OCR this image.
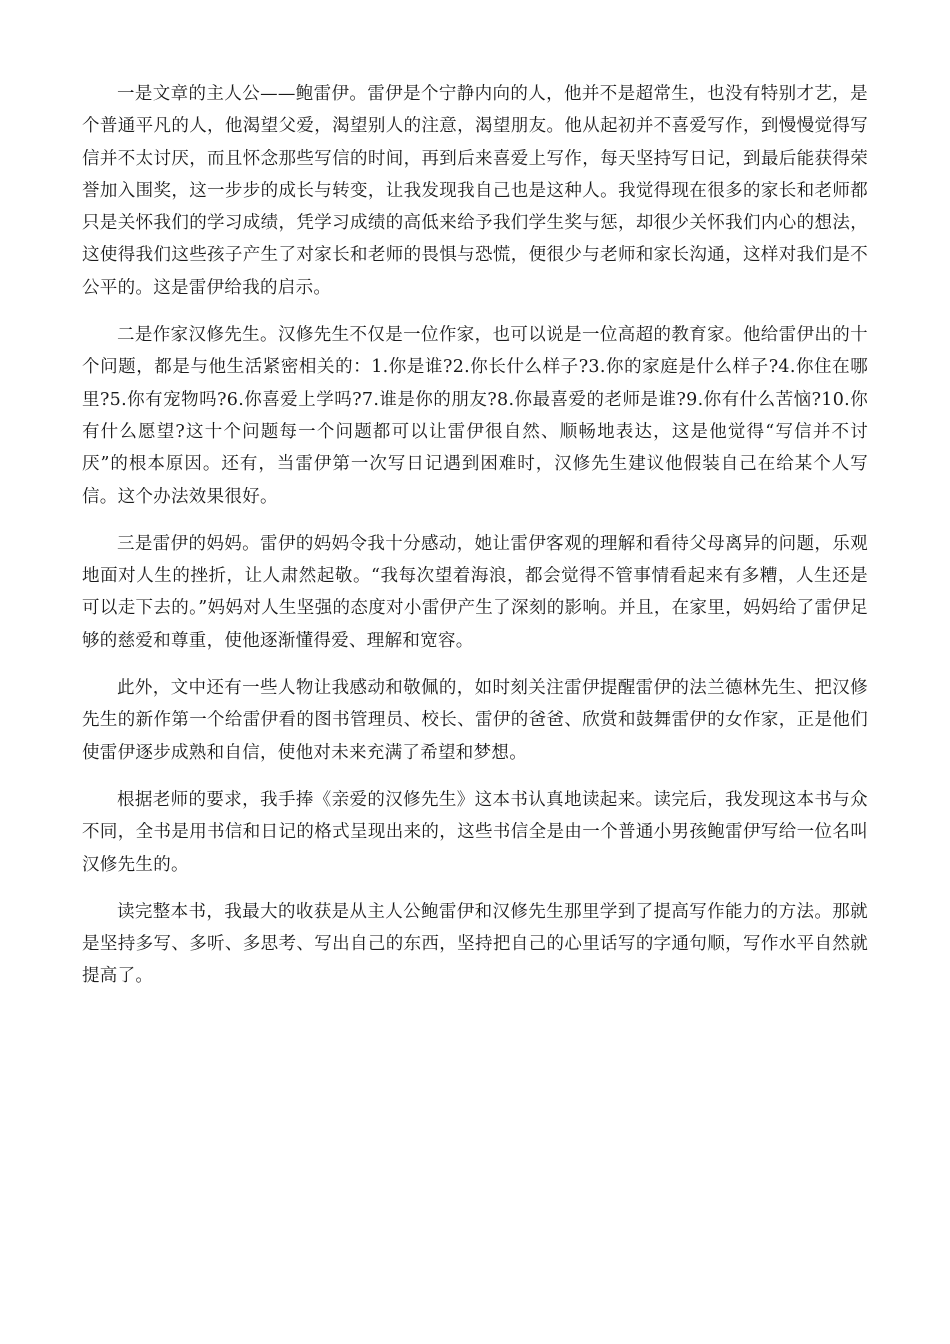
一是文章的主人公——鲍雷伊。雷伊是个宁静内向的人，他并不是超常生，也没有特别才艺，是个普通平凡的人，他渴望父爱，渴望别人的注意，渴望朋友。他从起初并不喜爱写作，到慢慢觉得写信并不太讨厌，而且怀念那些写信的时间，再到后来喜爱上写作，每天坚持写日记，到最后能获得荣誉加入围奖，这一步步的成长与转变，让我发现我自己也是这种人。我觉得现在很多的家长和老师都只是关怀我们的学习成绩，凭学习成绩的高低来给予我们学生奖与惩，却很少关怀我们内心的想法，这使得我们这些孩子产生了对家长和老师的畏惧与恐慌，便很少与老师和家长沟通，这样对我们是不公平的。这是雷伊给我的启示。

二是作家汉修先生。汉修先生不仅是一位作家，也可以说是一位高超的教育家。他给雷伊出的十个问题，都是与他生活紧密相关的：1.你是谁?2.你长什么样子?3.你的家庭是什么样子?4.你住在哪里?5.你有宠物吗?6.你喜爱上学吗?7.谁是你的朋友?8.你最喜爱的老师是谁?9.你有什么苦恼?10.你有什么愿望?这十个问题每一个问题都可以让雷伊很自然、顺畅地表达，这是他觉得“写信并不讨厌”的根本原因。还有，当雷伊第一次写日记遇到困难时，汉修先生建议他假装自己在给某个人写信。这个办法效果很好。

三是雷伊的妈妈。雷伊的妈妈令我十分感动，她让雷伊客观的理解和看待父母离异的问题，乐观地面对人生的挫折，让人肃然起敬。“我每次望着海浪，都会觉得不管事情看起来有多糟，人生还是可以走下去的。”妈妈对人生坚强的态度对小雷伊产生了深刻的影响。并且，在家里，妈妈给了雷伊足够的慈爱和尊重，使他逐渐懂得爱、理解和宽容。

此外，文中还有一些人物让我感动和敬佩的，如时刻关注雷伊提醒雷伊的法兰德林先生、把汉修先生的新作第一个给雷伊看的图书管理员、校长、雷伊的爸爸、欣赏和鼓舞雷伊的女作家，正是他们使雷伊逐步成熟和自信，使他对未来充满了希望和梦想。

根据老师的要求，我手捧《亲爱的汉修先生》这本书认真地读起来。读完后，我发现这本书与众不同，全书是用书信和日记的格式呈现出来的，这些书信全是由一个普通小男孩鲍雷伊写给一位名叫汉修先生的。

读完整本书，我最大的收获是从主人公鲍雷伊和汉修先生那里学到了提高写作能力的方法。那就是坚持多写、多听、多思考、写出自己的东西，坚持把自己的心里话写的字通句顺，写作水平自然就提高了。
